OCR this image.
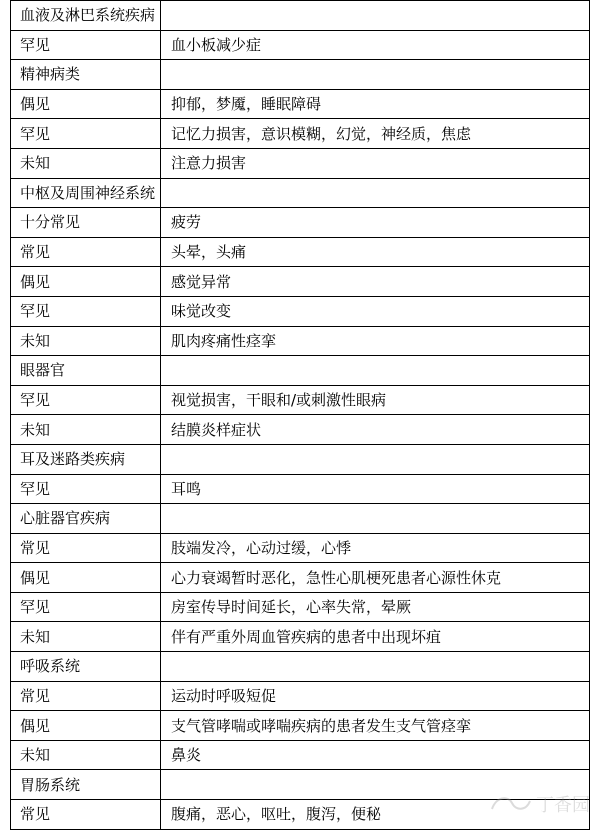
血液及淋巴系统疾病	
罕见	血小板减少症
精神病类	
偶见	抑郁，梦魇，睡眠障碍
罕见	记忆力损害，意识模糊，幻觉，神经质，焦虑
未知	注意力损害
中枢及周围神经系统	
十分常见	疲劳
常见	头晕，头痛
偶见	感觉异常
罕见	味觉改变
未知	肌肉疼痛性痉挛
眼器官	
罕见	视觉损害，干眼和/或刺激性眼病
未知	结膜炎样症状
耳及迷路类疾病	
罕见	耳鸣
心脏器官疾病	
常见	肢端发冷，心动过缓，心悸
偶见	心力衰竭暂时恶化，急性心肌梗死患者心源性休克
罕见	房室传导时间延长，心率失常，晕厥
未知	伴有严重外周血管疾病的患者中出现坏疽
呼吸系统	
常见	运动时呼吸短促
偶见	支气管哮喘或哮喘疾病的患者发生支气管痉挛
未知	鼻炎
胃肠系统	
常见	腹痛，恶心，呕吐，腹泻，便秘	丁香园
